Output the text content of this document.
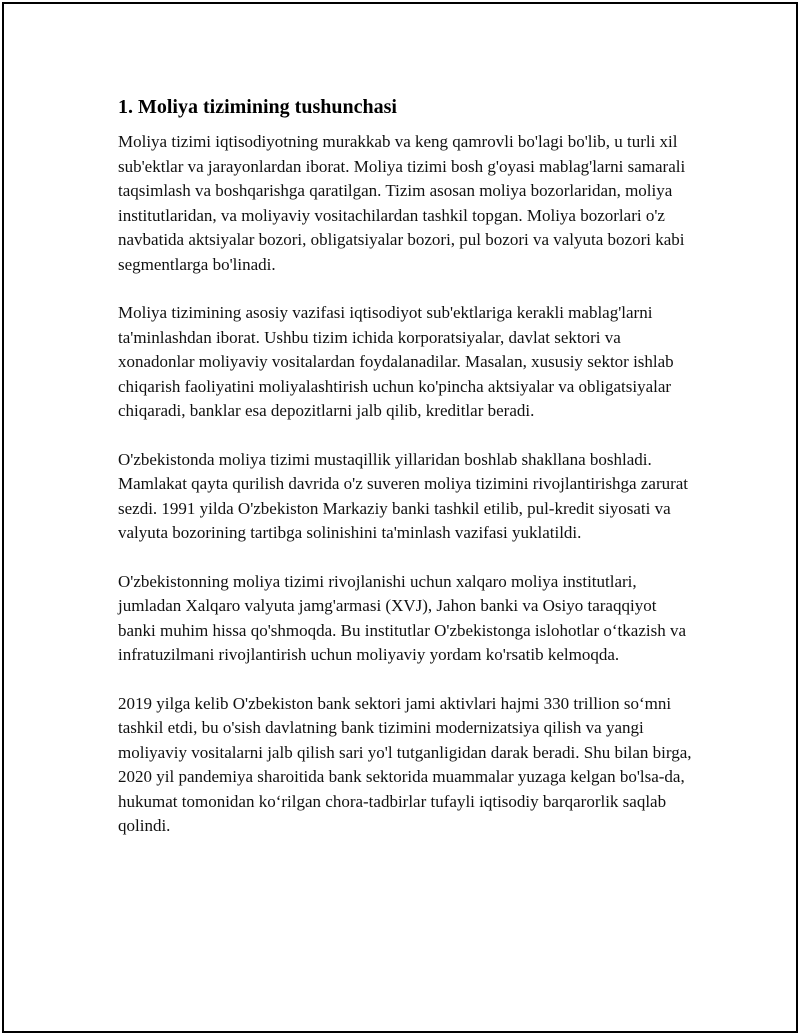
1. Moliya tizimining tushunchasi

Moliya tizimi iqtisodiyotning murakkab va keng qamrovli bo'lagi bo'lib, u turli xil sub'ektlar va jarayonlardan iborat. Moliya tizimi bosh g'oyasi mablag'larni samarali taqsimlash va boshqarishga qaratilgan. Tizim asosan moliya bozorlaridan, moliya institutlaridan, va moliyaviy vositachilardan tashkil topgan. Moliya bozorlari o'z navbatida aktsiyalar bozori, obligatsiyalar bozori, pul bozori va valyuta bozori kabi segmentlarga bo'linadi.

Moliya tizimining asosiy vazifasi iqtisodiyot sub'ektlariga kerakli mablag'larni ta'minlashdan iborat. Ushbu tizim ichida korporatsiyalar, davlat sektori va xonadonlar moliyaviy vositalardan foydalanadilar. Masalan, xususiy sektor ishlab chiqarish faoliyatini moliyalashtirish uchun ko'pincha aktsiyalar va obligatsiyalar chiqaradi, banklar esa depozitlarni jalb qilib, kreditlar beradi.

O'zbekistonda moliya tizimi mustaqillik yillaridan boshlab shakllana boshladi. Mamlakat qayta qurilish davrida o'z suveren moliya tizimini rivojlantirishga zarurat sezdi. 1991 yilda O'zbekiston Markaziy banki tashkil etilib, pul-kredit siyosati va valyuta bozorining tartibga solinishini ta'minlash vazifasi yuklatildi.

O'zbekistonning moliya tizimi rivojlanishi uchun xalqaro moliya institutlari, jumladan Xalqaro valyuta jamg'armasi (XVJ), Jahon banki va Osiyo taraqqiyot banki muhim hissa qo'shmoqda. Bu institutlar O'zbekistonga islohotlar o‘tkazish va infratuzilmani rivojlantirish uchun moliyaviy yordam ko'rsatib kelmoqda.

2019 yilga kelib O'zbekiston bank sektori jami aktivlari hajmi 330 trillion so‘mni tashkil etdi, bu o'sish davlatning bank tizimini modernizatsiya qilish va yangi moliyaviy vositalarni jalb qilish sari yo'l tutganligidan darak beradi. Shu bilan birga, 2020 yil pandemiya sharoitida bank sektorida muammalar yuzaga kelgan bo'lsa-da, hukumat tomonidan ko‘rilgan chora-tadbirlar tufayli iqtisodiy barqarorlik saqlab qolindi.
